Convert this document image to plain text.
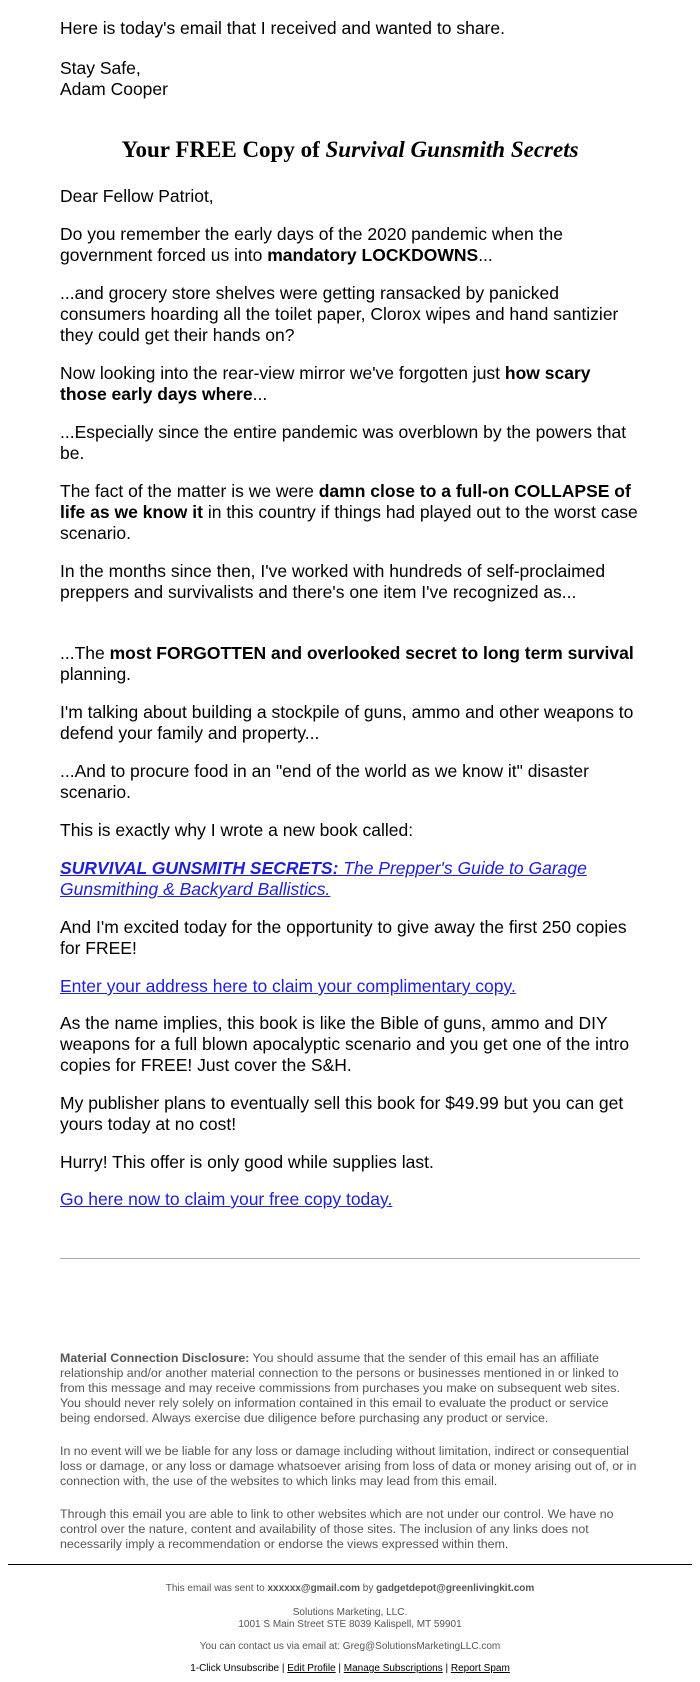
Here is today's email that I received and wanted to share.

Stay Safe,

Adam Cooper

Your FREE Copy of Survival Gunsmith Secrets

Dear Fellow Patriot,

Do you remember the early days of the 2020 pandemic when the government forced us into mandatory LOCKDOWNS...

...and grocery store shelves were getting ransacked by panicked consumers hoarding all the toilet paper, Clorox wipes and hand santizier they could get their hands on?

Now looking into the rear-view mirror we've forgotten just how scary those early days where...

...Especially since the entire pandemic was overblown by the powers that be.

The fact of the matter is we were damn close to a full-on COLLAPSE of life as we know it in this country if things had played out to the worst case scenario.

In the months since then, I've worked with hundreds of self-proclaimed preppers and survivalists and there's one item I've recognized as...

...The most FORGOTTEN and overlooked secret to long term survival planning.

I'm talking about building a stockpile of guns, ammo and other weapons to defend your family and property...

...And to procure food in an "end of the world as we know it" disaster scenario.

This is exactly why I wrote a new book called:

SURVIVAL GUNSMITH SECRETS: The Prepper's Guide to Garage Gunsmithing & Backyard Ballistics.

And I'm excited today for the opportunity to give away the first 250 copies for FREE!

Enter your address here to claim your complimentary copy.

As the name implies, this book is like the Bible of guns, ammo and DIY weapons for a full blown apocalyptic scenario and you get one of the intro copies for FREE! Just cover the S&H.

My publisher plans to eventually sell this book for $49.99 but you can get yours today at no cost!

Hurry! This offer is only good while supplies last.

Go here now to claim your free copy today.

Material Connection Disclosure: You should assume that the sender of this email has an affiliate relationship and/or another material connection to the persons or businesses mentioned in or linked to from this message and may receive commissions from purchases you make on subsequent web sites. You should never rely solely on information contained in this email to evaluate the product or service being endorsed. Always exercise due diligence before purchasing any product or service.

In no event will we be liable for any loss or damage including without limitation, indirect or consequential loss or damage, or any loss or damage whatsoever arising from loss of data or money arising out of, or in connection with, the use of the websites to which links may lead from this email.

Through this email you are able to link to other websites which are not under our control. We have no control over the nature, content and availability of those sites. The inclusion of any links does not necessarily imply a recommendation or endorse the views expressed within them.

This email was sent to xxxxxx@gmail.com by gadgetdepot@greenlivingkit.com

Solutions Marketing, LLC.

1001 S Main Street STE 8039 Kalispell, MT 59901

You can contact us via email at: Greg@SolutionsMarketingLLC.com

1-Click Unsubscribe | Edit Profile | Manage Subscriptions | Report Spam
